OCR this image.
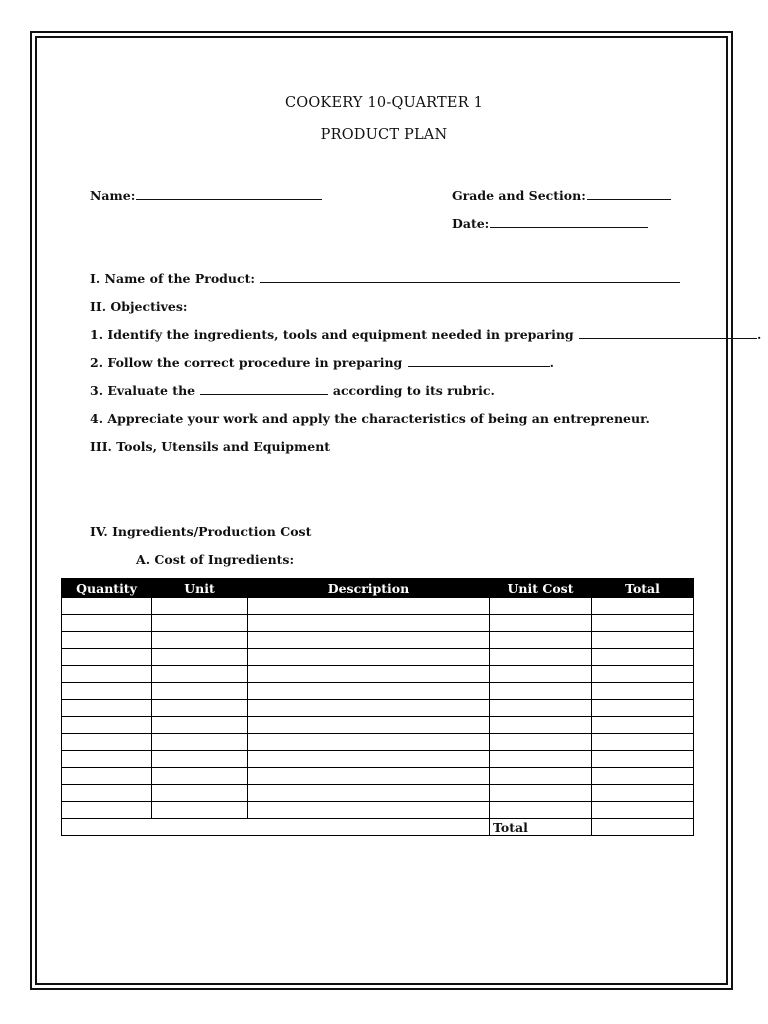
COOKERY 10-QUARTER 1
PRODUCT PLAN
Name:	Grade and Section:
Date:
I. Name of the Product:
II. Objectives:
1. Identify the ingredients, tools and equipment needed in preparing	.
2. Follow the correct procedure in preparing	.
3. Evaluate the	according to its rubric.
4. Appreciate your work and apply the characteristics of being an entrepreneur.
III. Tools, Utensils and Equipment
IV. Ingredients/Production Cost
A. Cost of Ingredients:
Quantity	Unit	Description	Unit Cost	Total

			Total	
